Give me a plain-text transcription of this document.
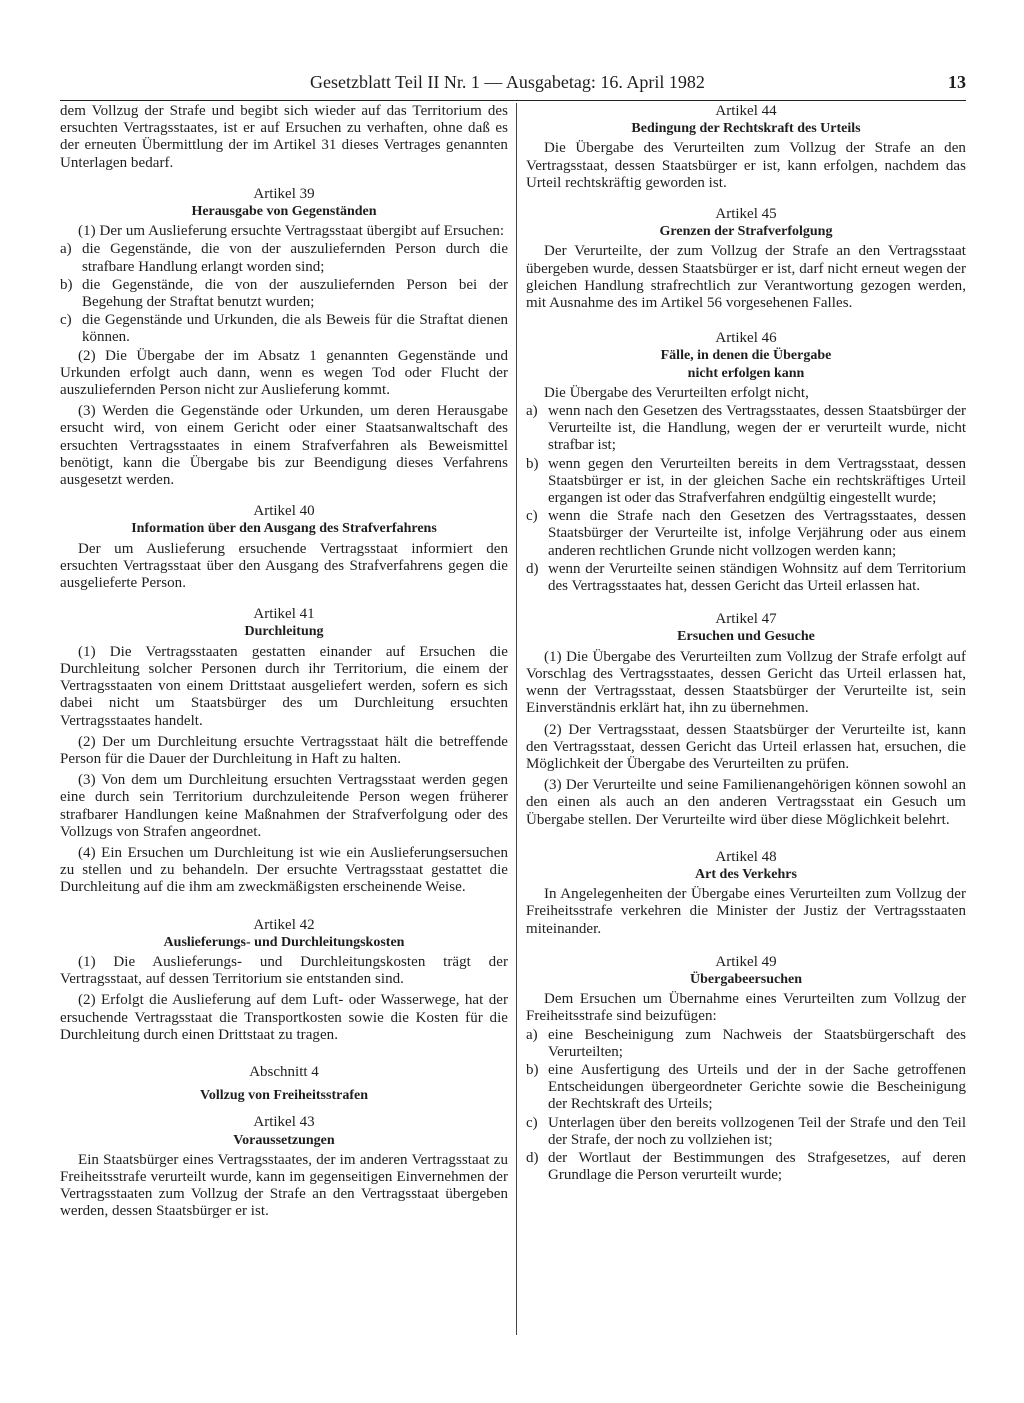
Gesetzblatt Teil II Nr. 1 — Ausgabetag: 16. April 1982	13

dem Vollzug der Strafe und begibt sich wieder auf das Territorium des ersuchten Vertragsstaates, ist er auf Ersuchen zu verhaften, ohne daß es der erneuten Übermittlung der im Artikel 31 dieses Vertrages genannten Unterlagen bedarf.

Artikel 39
Herausgabe von Gegenständen

(1) Der um Auslieferung ersuchte Vertragsstaat übergibt auf Ersuchen:

a) die Gegenstände, die von der auszuliefernden Person durch die strafbare Handlung erlangt worden sind;
b) die Gegenstände, die von der auszuliefernden Person bei der Begehung der Straftat benutzt wurden;
c) die Gegenstände und Urkunden, die als Beweis für die Straftat dienen können.

(2) Die Übergabe der im Absatz 1 genannten Gegenstände und Urkunden erfolgt auch dann, wenn es wegen Tod oder Flucht der auszuliefernden Person nicht zur Auslieferung kommt.

(3) Werden die Gegenstände oder Urkunden, um deren Herausgabe ersucht wird, von einem Gericht oder einer Staatsanwaltschaft des ersuchten Vertragsstaates in einem Strafverfahren als Beweismittel benötigt, kann die Übergabe bis zur Beendigung dieses Verfahrens ausgesetzt werden.

Artikel 40
Information über den Ausgang des Strafverfahrens

Der um Auslieferung ersuchende Vertragsstaat informiert den ersuchten Vertragsstaat über den Ausgang des Strafverfahrens gegen die ausgelieferte Person.

Artikel 41
Durchleitung

(1) Die Vertragsstaaten gestatten einander auf Ersuchen die Durchleitung solcher Personen durch ihr Territorium, die einem der Vertragsstaaten von einem Drittstaat ausgeliefert werden, sofern es sich dabei nicht um Staatsbürger des um Durchleitung ersuchten Vertragsstaates handelt.

(2) Der um Durchleitung ersuchte Vertragsstaat hält die betreffende Person für die Dauer der Durchleitung in Haft zu halten.

(3) Von dem um Durchleitung ersuchten Vertragsstaat werden gegen eine durch sein Territorium durchzuleitende Person wegen früherer strafbarer Handlungen keine Maßnahmen der Strafverfolgung oder des Vollzugs von Strafen angeordnet.

(4) Ein Ersuchen um Durchleitung ist wie ein Auslieferungsersuchen zu stellen und zu behandeln. Der ersuchte Vertragsstaat gestattet die Durchleitung auf die ihm am zweckmäßigsten erscheinende Weise.

Artikel 42
Auslieferungs- und Durchleitungskosten

(1) Die Auslieferungs- und Durchleitungskosten trägt der Vertragsstaat, auf dessen Territorium sie entstanden sind.

(2) Erfolgt die Auslieferung auf dem Luft- oder Wasserwege, hat der ersuchende Vertragsstaat die Transportkosten sowie die Kosten für die Durchleitung durch einen Drittstaat zu tragen.

Abschnitt 4
Vollzug von Freiheitsstrafen
Artikel 43
Voraussetzungen

Ein Staatsbürger eines Vertragsstaates, der im anderen Vertragsstaat zu Freiheitsstrafe verurteilt wurde, kann im gegenseitigen Einvernehmen der Vertragsstaaten zum Vollzug der Strafe an den Vertragsstaat übergeben werden, dessen Staatsbürger er ist.

Artikel 44
Bedingung der Rechtskraft des Urteils

Die Übergabe des Verurteilten zum Vollzug der Strafe an den Vertragsstaat, dessen Staatsbürger er ist, kann erfolgen, nachdem das Urteil rechtskräftig geworden ist.

Artikel 45
Grenzen der Strafverfolgung

Der Verurteilte, der zum Vollzug der Strafe an den Vertragsstaat übergeben wurde, dessen Staatsbürger er ist, darf nicht erneut wegen der gleichen Handlung strafrechtlich zur Verantwortung gezogen werden, mit Ausnahme des im Artikel 56 vorgesehenen Falles.

Artikel 46
Fälle, in denen die Übergabe
nicht erfolgen kann

Die Übergabe des Verurteilten erfolgt nicht,

a) wenn nach den Gesetzen des Vertragsstaates, dessen Staatsbürger der Verurteilte ist, die Handlung, wegen der er verurteilt wurde, nicht strafbar ist;
b) wenn gegen den Verurteilten bereits in dem Vertragsstaat, dessen Staatsbürger er ist, in der gleichen Sache ein rechtskräftiges Urteil ergangen ist oder das Strafverfahren endgültig eingestellt wurde;
c) wenn die Strafe nach den Gesetzen des Vertragsstaates, dessen Staatsbürger der Verurteilte ist, infolge Verjährung oder aus einem anderen rechtlichen Grunde nicht vollzogen werden kann;
d) wenn der Verurteilte seinen ständigen Wohnsitz auf dem Territorium des Vertragsstaates hat, dessen Gericht das Urteil erlassen hat.
Artikel 47
Ersuchen und Gesuche

(1) Die Übergabe des Verurteilten zum Vollzug der Strafe erfolgt auf Vorschlag des Vertragsstaates, dessen Gericht das Urteil erlassen hat, wenn der Vertragsstaat, dessen Staatsbürger der Verurteilte ist, sein Einverständnis erklärt hat, ihn zu übernehmen.

(2) Der Vertragsstaat, dessen Staatsbürger der Verurteilte ist, kann den Vertragsstaat, dessen Gericht das Urteil erlassen hat, ersuchen, die Möglichkeit der Übergabe des Verurteilten zu prüfen.

(3) Der Verurteilte und seine Familienangehörigen können sowohl an den einen als auch an den anderen Vertragsstaat ein Gesuch um Übergabe stellen. Der Verurteilte wird über diese Möglichkeit belehrt.

Artikel 48
Art des Verkehrs

In Angelegenheiten der Übergabe eines Verurteilten zum Vollzug der Freiheitsstrafe verkehren die Minister der Justiz der Vertragsstaaten miteinander.

Artikel 49
Übergabeersuchen

Dem Ersuchen um Übernahme eines Verurteilten zum Vollzug der Freiheitsstrafe sind beizufügen:

a) eine Bescheinigung zum Nachweis der Staatsbürgerschaft des Verurteilten;
b) eine Ausfertigung des Urteils und der in der Sache getroffenen Entscheidungen übergeordneter Gerichte sowie die Bescheinigung der Rechtskraft des Urteils;
c) Unterlagen über den bereits vollzogenen Teil der Strafe und den Teil der Strafe, der noch zu vollziehen ist;
d) der Wortlaut der Bestimmungen des Strafgesetzes, auf deren Grundlage die Person verurteilt wurde;
